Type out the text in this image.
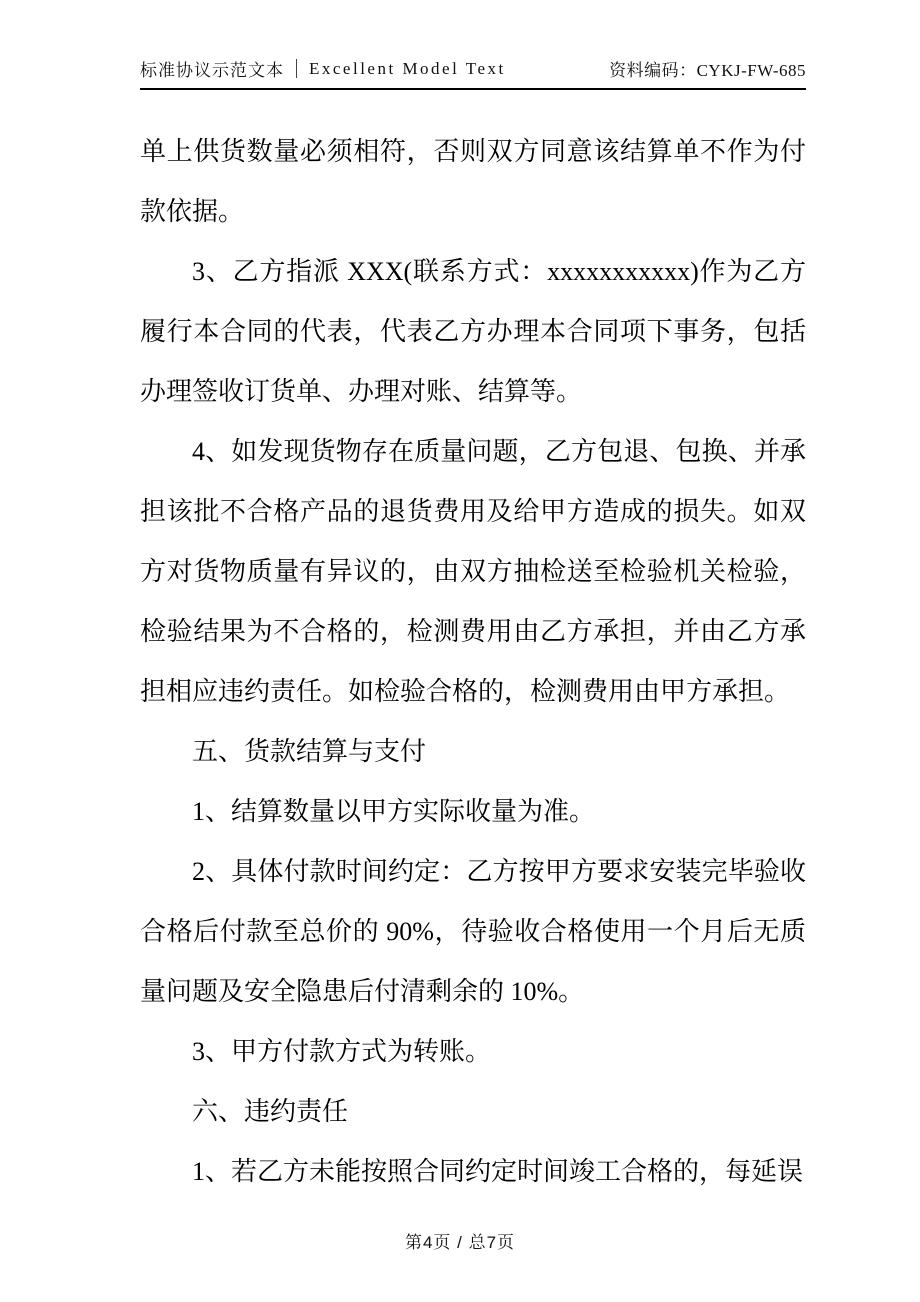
标准协议示范文本 Excellent Model Text	资料编码：CYKJ-FW-685

单上供货数量必须相符，否则双方同意该结算单不作为付款依据。

3、乙方指派 XXX(联系方式：xxxxxxxxxxx)作为乙方履行本合同的代表，代表乙方办理本合同项下事务，包括办理签收订货单、办理对账、结算等。

4、如发现货物存在质量问题，乙方包退、包换、并承担该批不合格产品的退货费用及给甲方造成的损失。如双方对货物质量有异议的，由双方抽检送至检验机关检验，检验结果为不合格的，检测费用由乙方承担，并由乙方承担相应违约责任。如检验合格的，检测费用由甲方承担。

五、货款结算与支付

1、结算数量以甲方实际收量为准。

2、具体付款时间约定：乙方按甲方要求安装完毕验收合格后付款至总价的 90%，待验收合格使用一个月后无质量问题及安全隐患后付清剩余的 10%。

3、甲方付款方式为转账。

六、违约责任

1、若乙方未能按照合同约定时间竣工合格的，每延误

第4页 / 总7页
